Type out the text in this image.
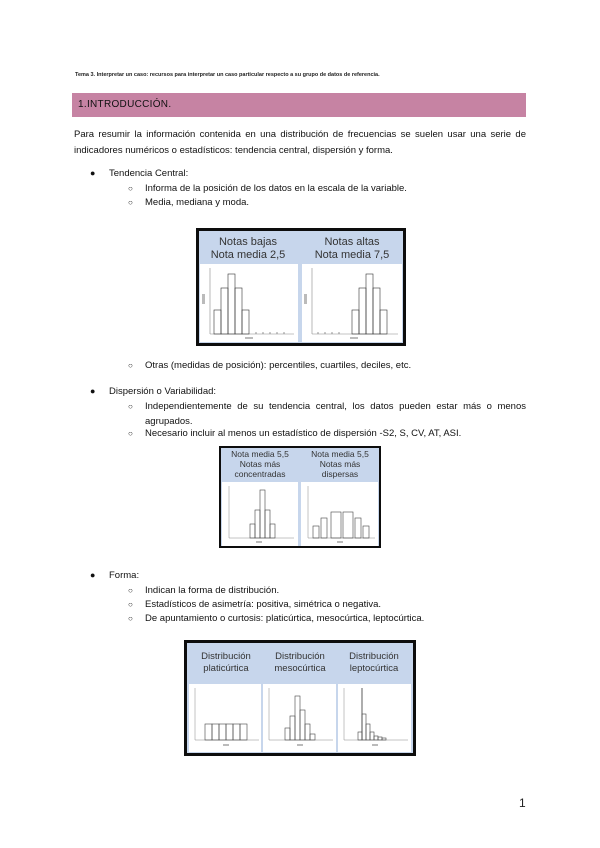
Tema 3. Interpretar un caso: recursos para interpretar un caso particular respecto a su grupo de datos de referencia.
1.INTRODUCCIÓN.
Para resumir la información contenida en una distribución de frecuencias se suelen usar una serie de indicadores numéricos o estadísticos: tendencia central, dispersión y forma.
● Tendencia Central:
○ Informa de la posición de los datos en la escala de la variable.
○ Media, mediana y moda.
Notas bajas
Nota media 2,5
Notas altas
Nota media 7,5
○ Otras (medidas de posición): percentiles, cuartiles, deciles, etc.
● Dispersión o Variabilidad:
○ Independientemente de su tendencia central, los datos pueden estar más o menos agrupados.
○ Necesario incluir al menos un estadístico de dispersión -S2, S, CV, AT, ASI.
Nota media 5,5
Notas más
concentradas
Nota media 5,5
Notas más
dispersas
● Forma:
○ Indican la forma de distribución.
○ Estadísticos de asimetría: positiva, simétrica o negativa.
○ De apuntamiento o curtosis: platicúrtica, mesocúrtica, leptocúrtica.
Distribución
platicúrtica
Distribución
mesocúrtica
Distribución
leptocúrtica
1
